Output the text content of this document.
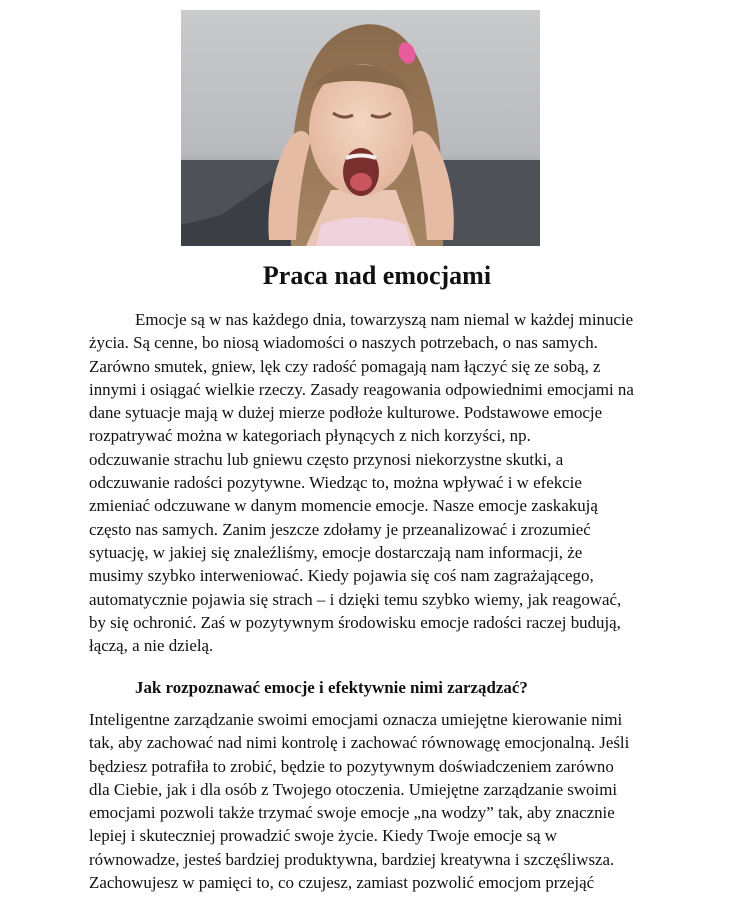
Praca nad emocjami

Emocje są w nas każdego dnia, towarzyszą nam niemal w każdej minucie
życia. Są cenne, bo niosą wiadomości o naszych potrzebach, o nas samych.
Zarówno smutek, gniew, lęk czy radość pomagają nam łączyć się ze sobą, z
innymi i osiągać wielkie rzeczy. Zasady reagowania odpowiednimi emocjami na
dane sytuacje mają w dużej mierze podłoże kulturowe. Podstawowe emocje
rozpatrywać można w kategoriach płynących z nich korzyści, np.
odczuwanie strachu lub gniewu często przynosi niekorzystne skutki, a
odczuwanie radości pozytywne. Wiedząc to, można wpływać i w efekcie
zmieniać odczuwane w danym momencie emocje. Nasze emocje zaskakują
często nas samych. Zanim jeszcze zdołamy je przeanalizować i zrozumieć
sytuację, w jakiej się znaleźliśmy, emocje dostarczają nam informacji, że
musimy szybko interweniować. Kiedy pojawia się coś nam zagrażającego,
automatycznie pojawia się strach – i dzięki temu szybko wiemy, jak reagować,
by się ochronić. Zaś w pozytywnym środowisku emocje radości raczej budują,
łączą, a nie dzielą.

Jak rozpoznawać emocje i efektywnie nimi zarządzać?

Inteligentne zarządzanie swoimi emocjami oznacza umiejętne kierowanie nimi
tak, aby zachować nad nimi kontrolę i zachować równowagę emocjonalną. Jeśli
będziesz potrafiła to zrobić, będzie to pozytywnym doświadczeniem zarówno
dla Ciebie, jak i dla osób z Twojego otoczenia. Umiejętne zarządzanie swoimi
emocjami pozwoli także trzymać swoje emocje „na wodzy” tak, aby znacznie
lepiej i skuteczniej prowadzić swoje życie. Kiedy Twoje emocje są w
równowadze, jesteś bardziej produktywna, bardziej kreatywna i szczęśliwsza.
Zachowujesz w pamięci to, co czujesz, zamiast pozwolić emocjom przejąć
